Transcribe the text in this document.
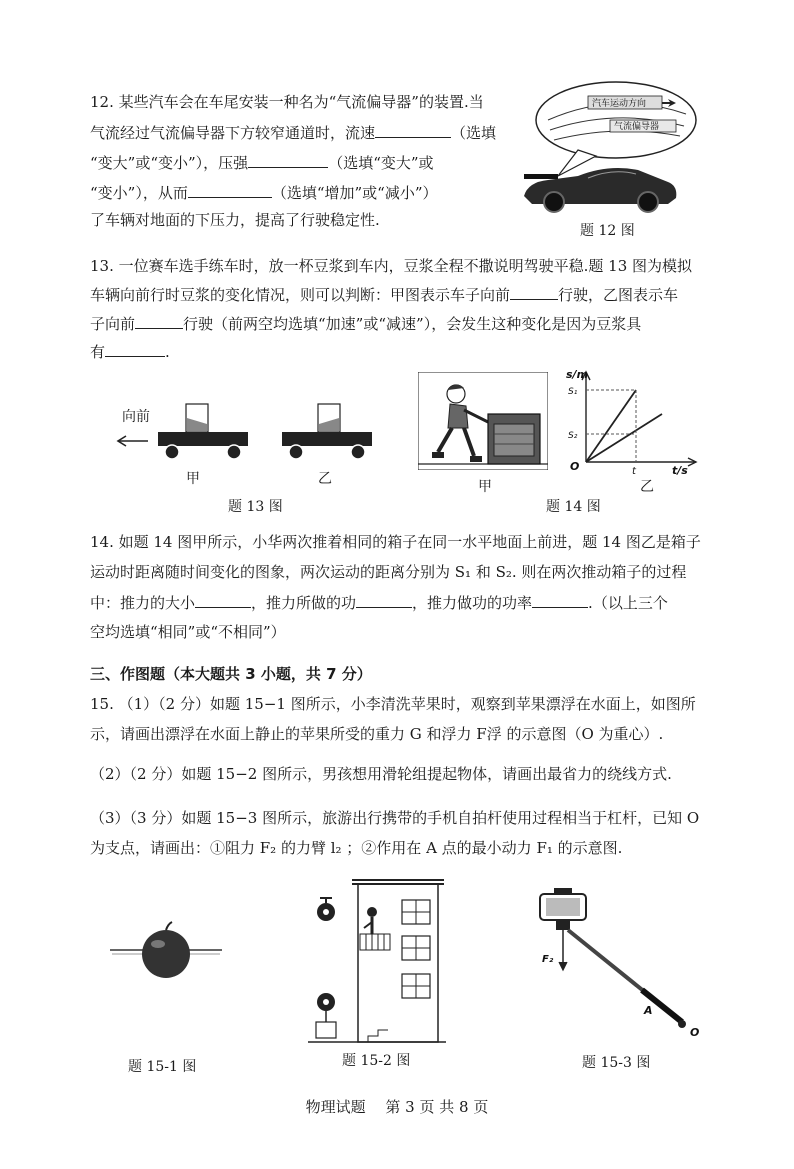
12. 某些汽车会在车尾安装一种名为“气流偏导器”的装置.当
气流经过气流偏导器下方较窄通道时，流速	（选填
“变大”或“变小”），压强	（选填“变大”或
“变小”），从而	（选填“增加”或“减小”）
了车辆对地面的下压力，提高了行驶稳定性.
汽车运动方向
气流偏导器
题 12 图
13. 一位赛车选手练车时，放一杯豆浆到车内，豆浆全程不撒说明驾驶平稳.题 13 图为模拟
车辆向前行时豆浆的变化情况，则可以判断：甲图表示车子向前	行驶，乙图表示车
子向前	行驶（前两空均选填“加速”或“减速”），会发生这种变化是因为豆浆具
有	.
向前
甲	乙
题 13 图
甲
s/m
t/s
O	t
S₁
S₂
乙
题 14 图
14. 如题 14 图甲所示，小华两次推着相同的箱子在同一水平地面上前进，题 14 图乙是箱子
运动时距离随时间变化的图象，两次运动的距离分别为 S₁ 和 S₂. 则在两次推动箱子的过程
中：推力的大小	，推力所做的功	，推力做功的功率	.（以上三个
空均选填“相同”或“不相同”）
三、作图题（本大题共 3 小题，共 7 分）
15. （1）（2 分）如题 15−1 图所示，小李清洗苹果时，观察到苹果漂浮在水面上，如图所
示，请画出漂浮在水面上静止的苹果所受的重力 G 和浮力 F浮 的示意图（O 为重心）.
（2）（2 分）如题 15−2 图所示，男孩想用滑轮组提起物体，请画出最省力的绕线方式.
（3）（3 分）如题 15−3 图所示，旅游出行携带的手机自拍杆使用过程相当于杠杆，已知 O
为支点，请画出：①阻力 F₂ 的力臂 l₂ ；②作用在 A 点的最小动力 F₁ 的示意图.
题 15-1 图	题 15-2 图
F₂
A
O
题 15-3 图
物理试题　 第 3 页 共 8 页
